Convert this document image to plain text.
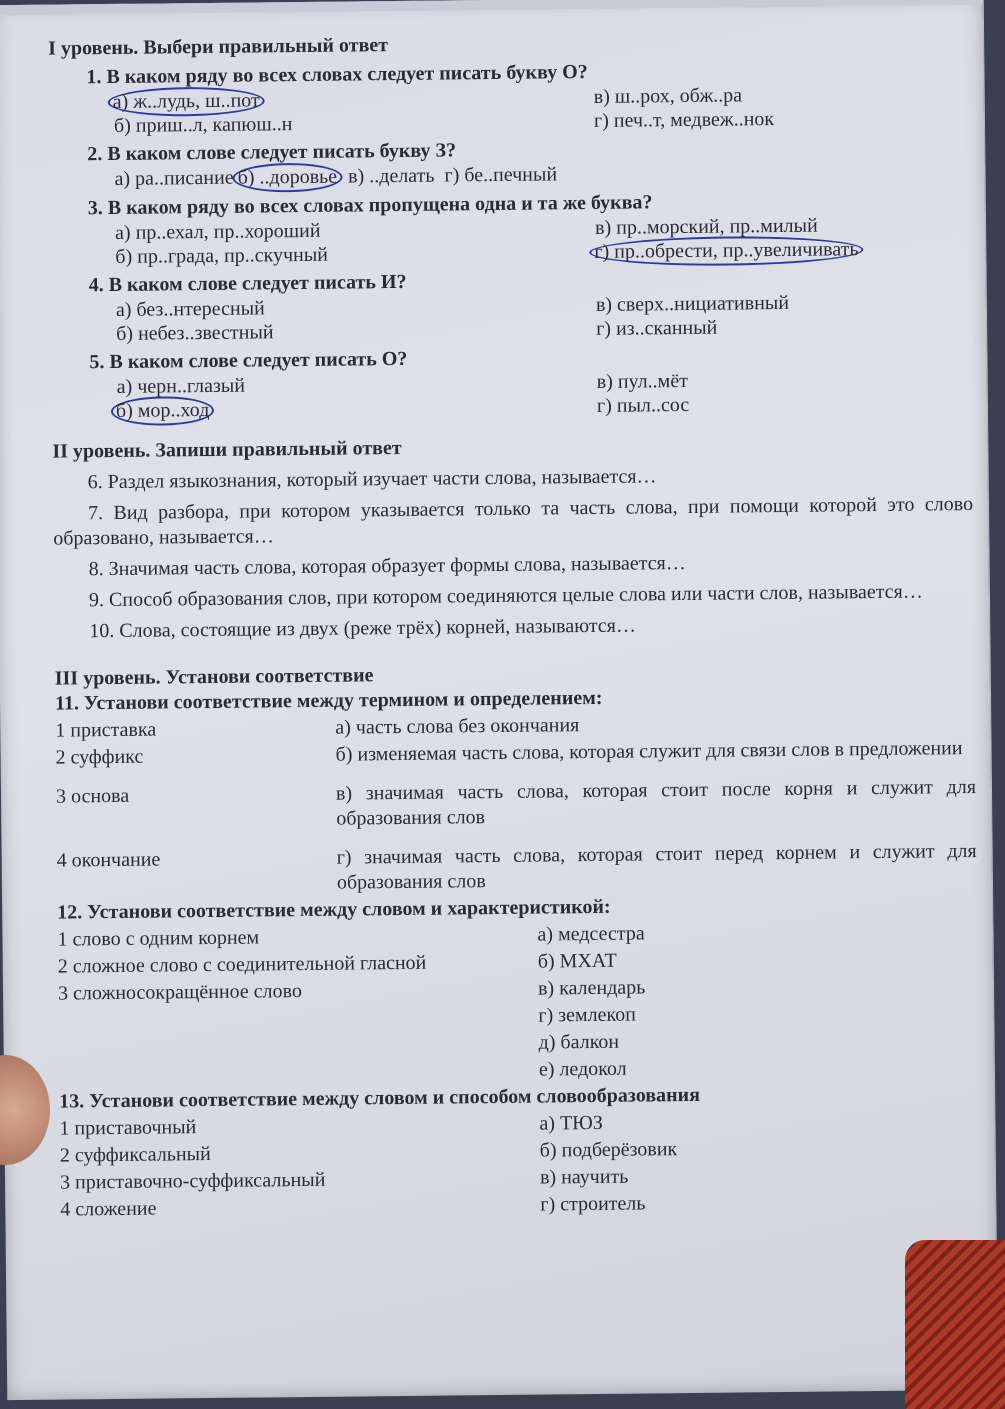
I уровень. Выбери правильный ответ
1. В каком ряду во всех словах следует писать букву О?
а) ж..лудь, ш..пот
б) приш..л, капюш..н
в) ш..рох, обж..ра
г) печ..т, медвеж..нок
2. В каком слове следует писать букву З?
а) ра..писание б) ..доровье в) ..делать г) бе..печный
3. В каком ряду во всех словах пропущена одна и та же буква?
а) пр..ехал, пр..хороший
б) пр..града, пр..скучный
в) пр..морский, пр..милый
г) пр..обрести, пр..увеличивать
4. В каком слове следует писать И?
а) без..нтересный
б) небез..звестный
в) сверх..нициативный
г) из..сканный
5. В каком слове следует писать О?
а) черн..глазый
б) мор..ход
в) пул..мёт
г) пыл..сос
II уровень. Запиши правильный ответ
6. Раздел языкознания, который изучает части слова, называется…
7. Вид разбора, при котором указывается только та часть слова, при помощи которой это слово образовано, называется…
8. Значимая часть слова, которая образует формы слова, называется…
9. Способ образования слов, при котором соединяются целые слова или части слов, называется…
10. Слова, состоящие из двух (реже трёх) корней, называются…
III уровень. Установи соответствие
11. Установи соответствие между термином и определением:
1 приставка	а) часть слова без окончания
2 суффикс	б) изменяемая часть слова, которая служит для связи слов в предложении
3 основа	в) значимая часть слова, которая стоит после корня и служит для образования слов
4 окончание	г) значимая часть слова, которая стоит перед корнем и служит для образования слов
12. Установи соответствие между словом и характеристикой:
1 слово с одним корнем	а) медсестра
2 сложное слово с соединительной гласной	б) МХАТ
3 сложносокращённое слово	в) календарь
г) землекоп
д) балкон
е) ледокол
13. Установи соответствие между словом и способом словообразования
1 приставочный	а) ТЮЗ
2 суффиксальный	б) подберёзовик
3 приставочно-суффиксальный	в) научить
4 сложение	г) строитель
